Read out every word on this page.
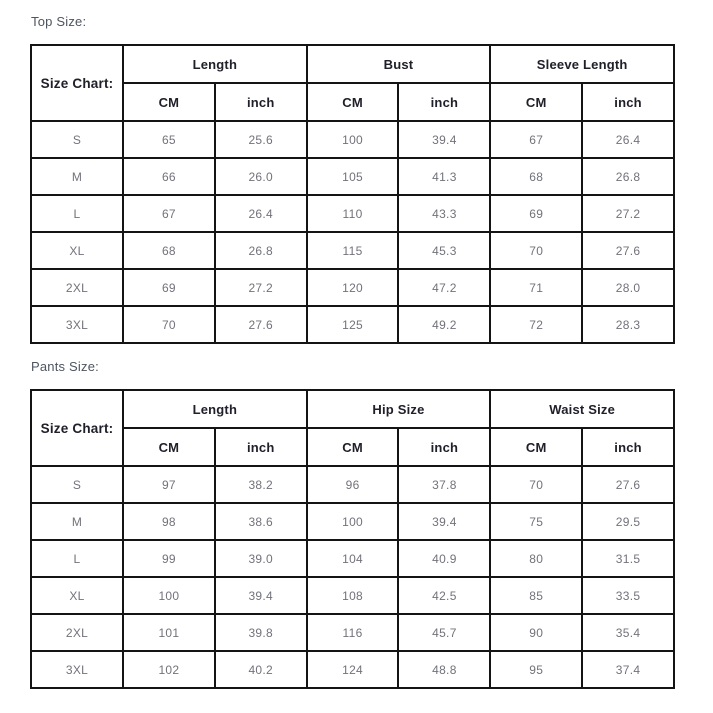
Top Size:
Size Chart:	Length		Bust		Sleeve Length	
	CM	inch	CM	inch	CM	inch
S	65	25.6	100	39.4	67	26.4
M	66	26.0	105	41.3	68	26.8
L	67	26.4	110	43.3	69	27.2
XL	68	26.8	115	45.3	70	27.6
2XL	69	27.2	120	47.2	71	28.0
3XL	70	27.6	125	49.2	72	28.3
Pants Size:
Size Chart:	Length		Hip Size		Waist Size	
	CM	inch	CM	inch	CM	inch
S	97	38.2	96	37.8	70	27.6
M	98	38.6	100	39.4	75	29.5
L	99	39.0	104	40.9	80	31.5
XL	100	39.4	108	42.5	85	33.5
2XL	101	39.8	116	45.7	90	35.4
3XL	102	40.2	124	48.8	95	37.4
